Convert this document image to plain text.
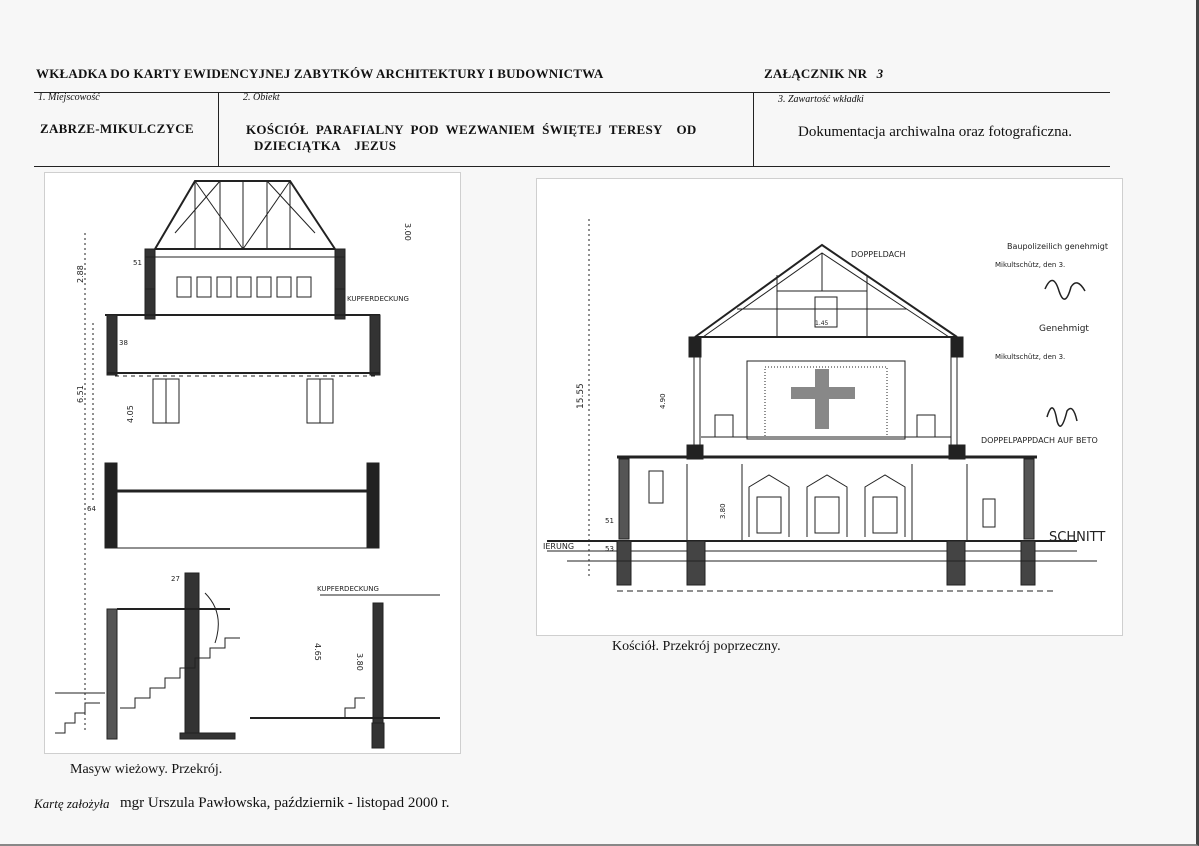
WKŁADKA DO KARTY EWIDENCYJNEJ ZABYTKÓW ARCHITEKTURY I BUDOWNICTWA	ZAŁĄCZNIK NR 3
1. Miejscowość
ZABRZE-MIKULCZYCE
2. Obiekt
KOŚCIÓŁ  PARAFIALNY  POD  WEZWANIEM  ŚWIĘTEJ  TERESY    OD
DZIECIĄTKA    JEZUS
3. Zawartość wkładki
Dokumentacja archiwalna oraz fotograficzna.
KUPFERDECKUNG
KUPFERDECKUNG
2.88
6.51
4.05
3.00
4.65
3.80
51
38
64
27
Masyw wieżowy. Przekrój.
DOPPELDACH
DOPPELPAPPDACH AUF BETO
SCHNITT
IERUNG
15.55	4.90
3.80
1.45
51
53
Baupolizeilich genehmigt
Mikultschütz, den 3.
Genehmigt
Mikultschütz, den 3.
Kościół. Przekrój poprzeczny.
Kartę założyła mgr Urszula Pawłowska, październik - listopad 2000 r.
